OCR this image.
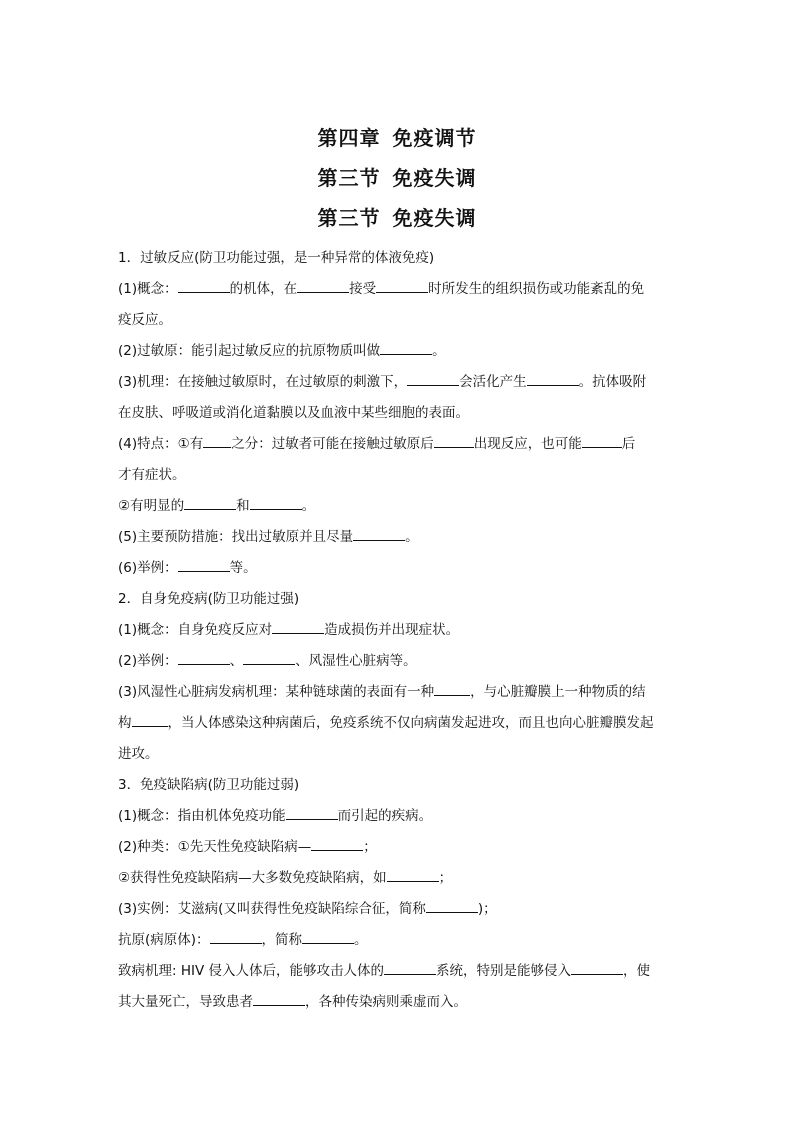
第四章 免疫调节
第三节 免疫失调
第三节 免疫失调
1．过敏反应(防卫功能过强，是一种异常的体液免疫)
(1)概念：	的机体，在	接受	时所发生的组织损伤或功能紊乱的免
疫反应。
(2)过敏原：能引起过敏反应的抗原物质叫做	。
(3)机理：在接触过敏原时，在过敏原的刺激下，	会活化产生	。抗体吸附
在皮肤、呼吸道或消化道黏膜以及血液中某些细胞的表面。
(4)特点：①有 之分：过敏者可能在接触过敏原后	出现反应，也可能	后
才有症状。
②有明显的	和	。
(5)主要预防措施：找出过敏原并且尽量	。
(6)举例：	等。
2．自身免疫病(防卫功能过强)
(1)概念：自身免疫反应对	造成损伤并出现症状。
(2)举例：	、	、风湿性心脏病等。
(3)风湿性心脏病发病机理：某种链球菌的表面有一种	，与心脏瓣膜上一种物质的结
构	，当人体感染这种病菌后，免疫系统不仅向病菌发起进攻，而且也向心脏瓣膜发起
进攻。
3．免疫缺陷病(防卫功能过弱)
(1)概念：指由机体免疫功能	而引起的疾病。
(2)种类：①先天性免疫缺陷病—	；
②获得性免疫缺陷病—大多数免疫缺陷病，如	；
(3)实例：艾滋病(又叫获得性免疫缺陷综合征，简称	)；
抗原(病原体)：	，简称	。
致病机理: HIV 侵入人体后，能够攻击人体的	系统，特别是能够侵入	，使
其大量死亡，导致患者	，各种传染病则乘虚而入。
